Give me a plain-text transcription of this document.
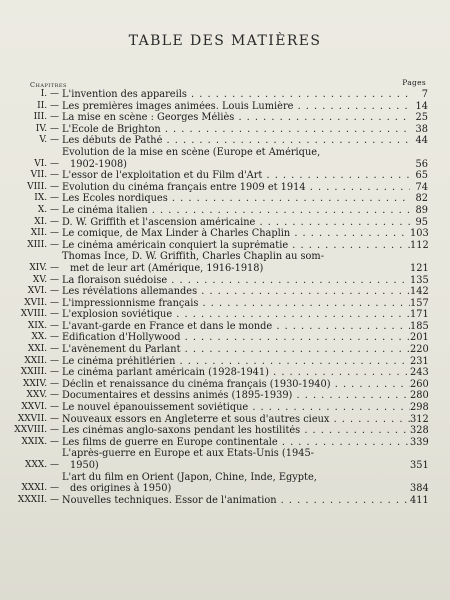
TABLE DES MATIÈRES
Chapitres	Pages
I. —	L'invention des appareils . . .	7
II. —	Les premières images animées. Louis Lumière . . .	14
III. —	La mise en scène : Georges Méliès . . .	25
IV. —	L'École de Brighton . . .	38
V. —	Les débuts de Pathé . . .	44
VI. —
Évolution de la mise en scène (Europe et Amérique,
1902-1908)	56
VII. —	L'essor de l'exploitation et du Film d'Art . . .	65
VIII. —	Évolution du cinéma français entre 1909 et 1914 . . .	74
IX. —	Les Écoles nordiques . . .	82
X. —	Le cinéma italien . . .	89
XI. —	D. W. Griffith et l'ascension américaine . . .	95
XII. —	Le comique, de Max Linder à Charles Chaplin . . .	103
XIII. —	Le cinéma américain conquiert la suprématie . . .	112
XIV. —
Thomas Ince, D. W. Griffith, Charles Chaplin au som-
met de leur art (Amérique, 1916-1918)	121
XV. —	La floraison suédoise . . .	135
XVI. —	Les révélations allemandes . . .	142
XVII. —	L'impressionnisme français . . .	157
XVIII. —	L'explosion soviétique . . .	171
XIX. —	L'avant-garde en France et dans le monde . . .	185
XX. —	Édification d'Hollywood . . .	201
XXI. —	L'avènement du Parlant . . .	220
XXII. —	Le cinéma préhitlérien . . .	231
XXIII. —	Le cinéma parlant américain (1928-1941) . . .	243
XXIV. —	Déclin et renaissance du cinéma français (1930-1940) . . .	260
XXV. —	Documentaires et dessins animés (1895-1939) . . .	280
XXVI. —	Le nouvel épanouissement soviétique . . .	298
XXVII. —	Nouveaux essors en Angleterre et sous d'autres cieux . . .	312
XXVIII. —	Les cinémas anglo-saxons pendant les hostilités . . .	328
XXIX. —	Les films de guerre en Europe continentale . . .	339
XXX. —
L'après-guerre en Europe et aux États-Unis (1945-
1950)	351
XXXI. —
L'art du film en Orient (Japon, Chine, Inde, Égypte,
des origines à 1950)	384
XXXII. —	Nouvelles techniques. Essor de l'animation . . .	411
